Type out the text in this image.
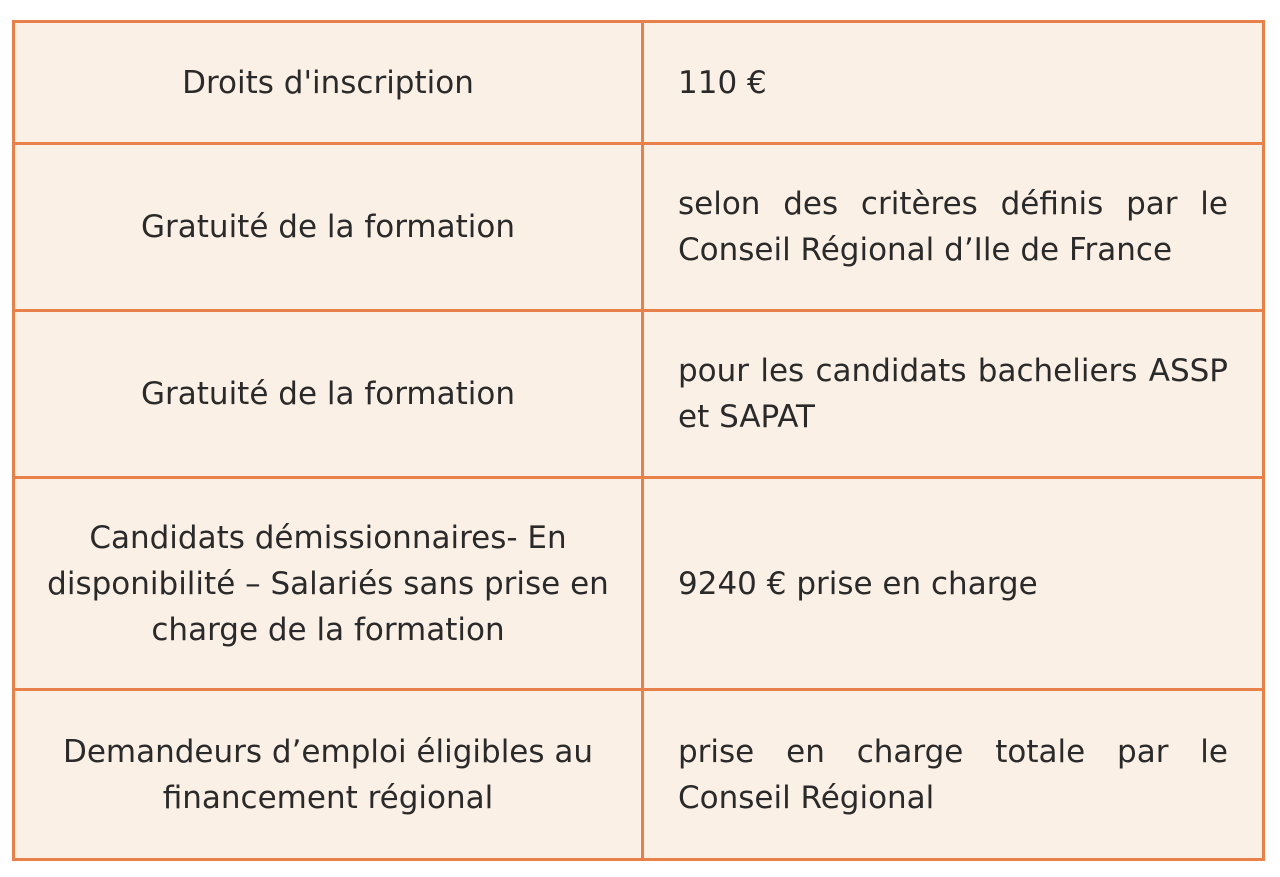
Droits d'inscription	110 €
Gratuité de la formation	selon des critères définis par le Conseil Régional d’Ile de France
Gratuité de la formation	pour les candidats bacheliers ASSP et SAPAT
Candidats démissionnaires- En disponibilité – Salariés sans prise en charge de la formation	9240 € prise en charge
Demandeurs d’emploi éligibles au financement régional	prise en charge totale par le Conseil Régional
